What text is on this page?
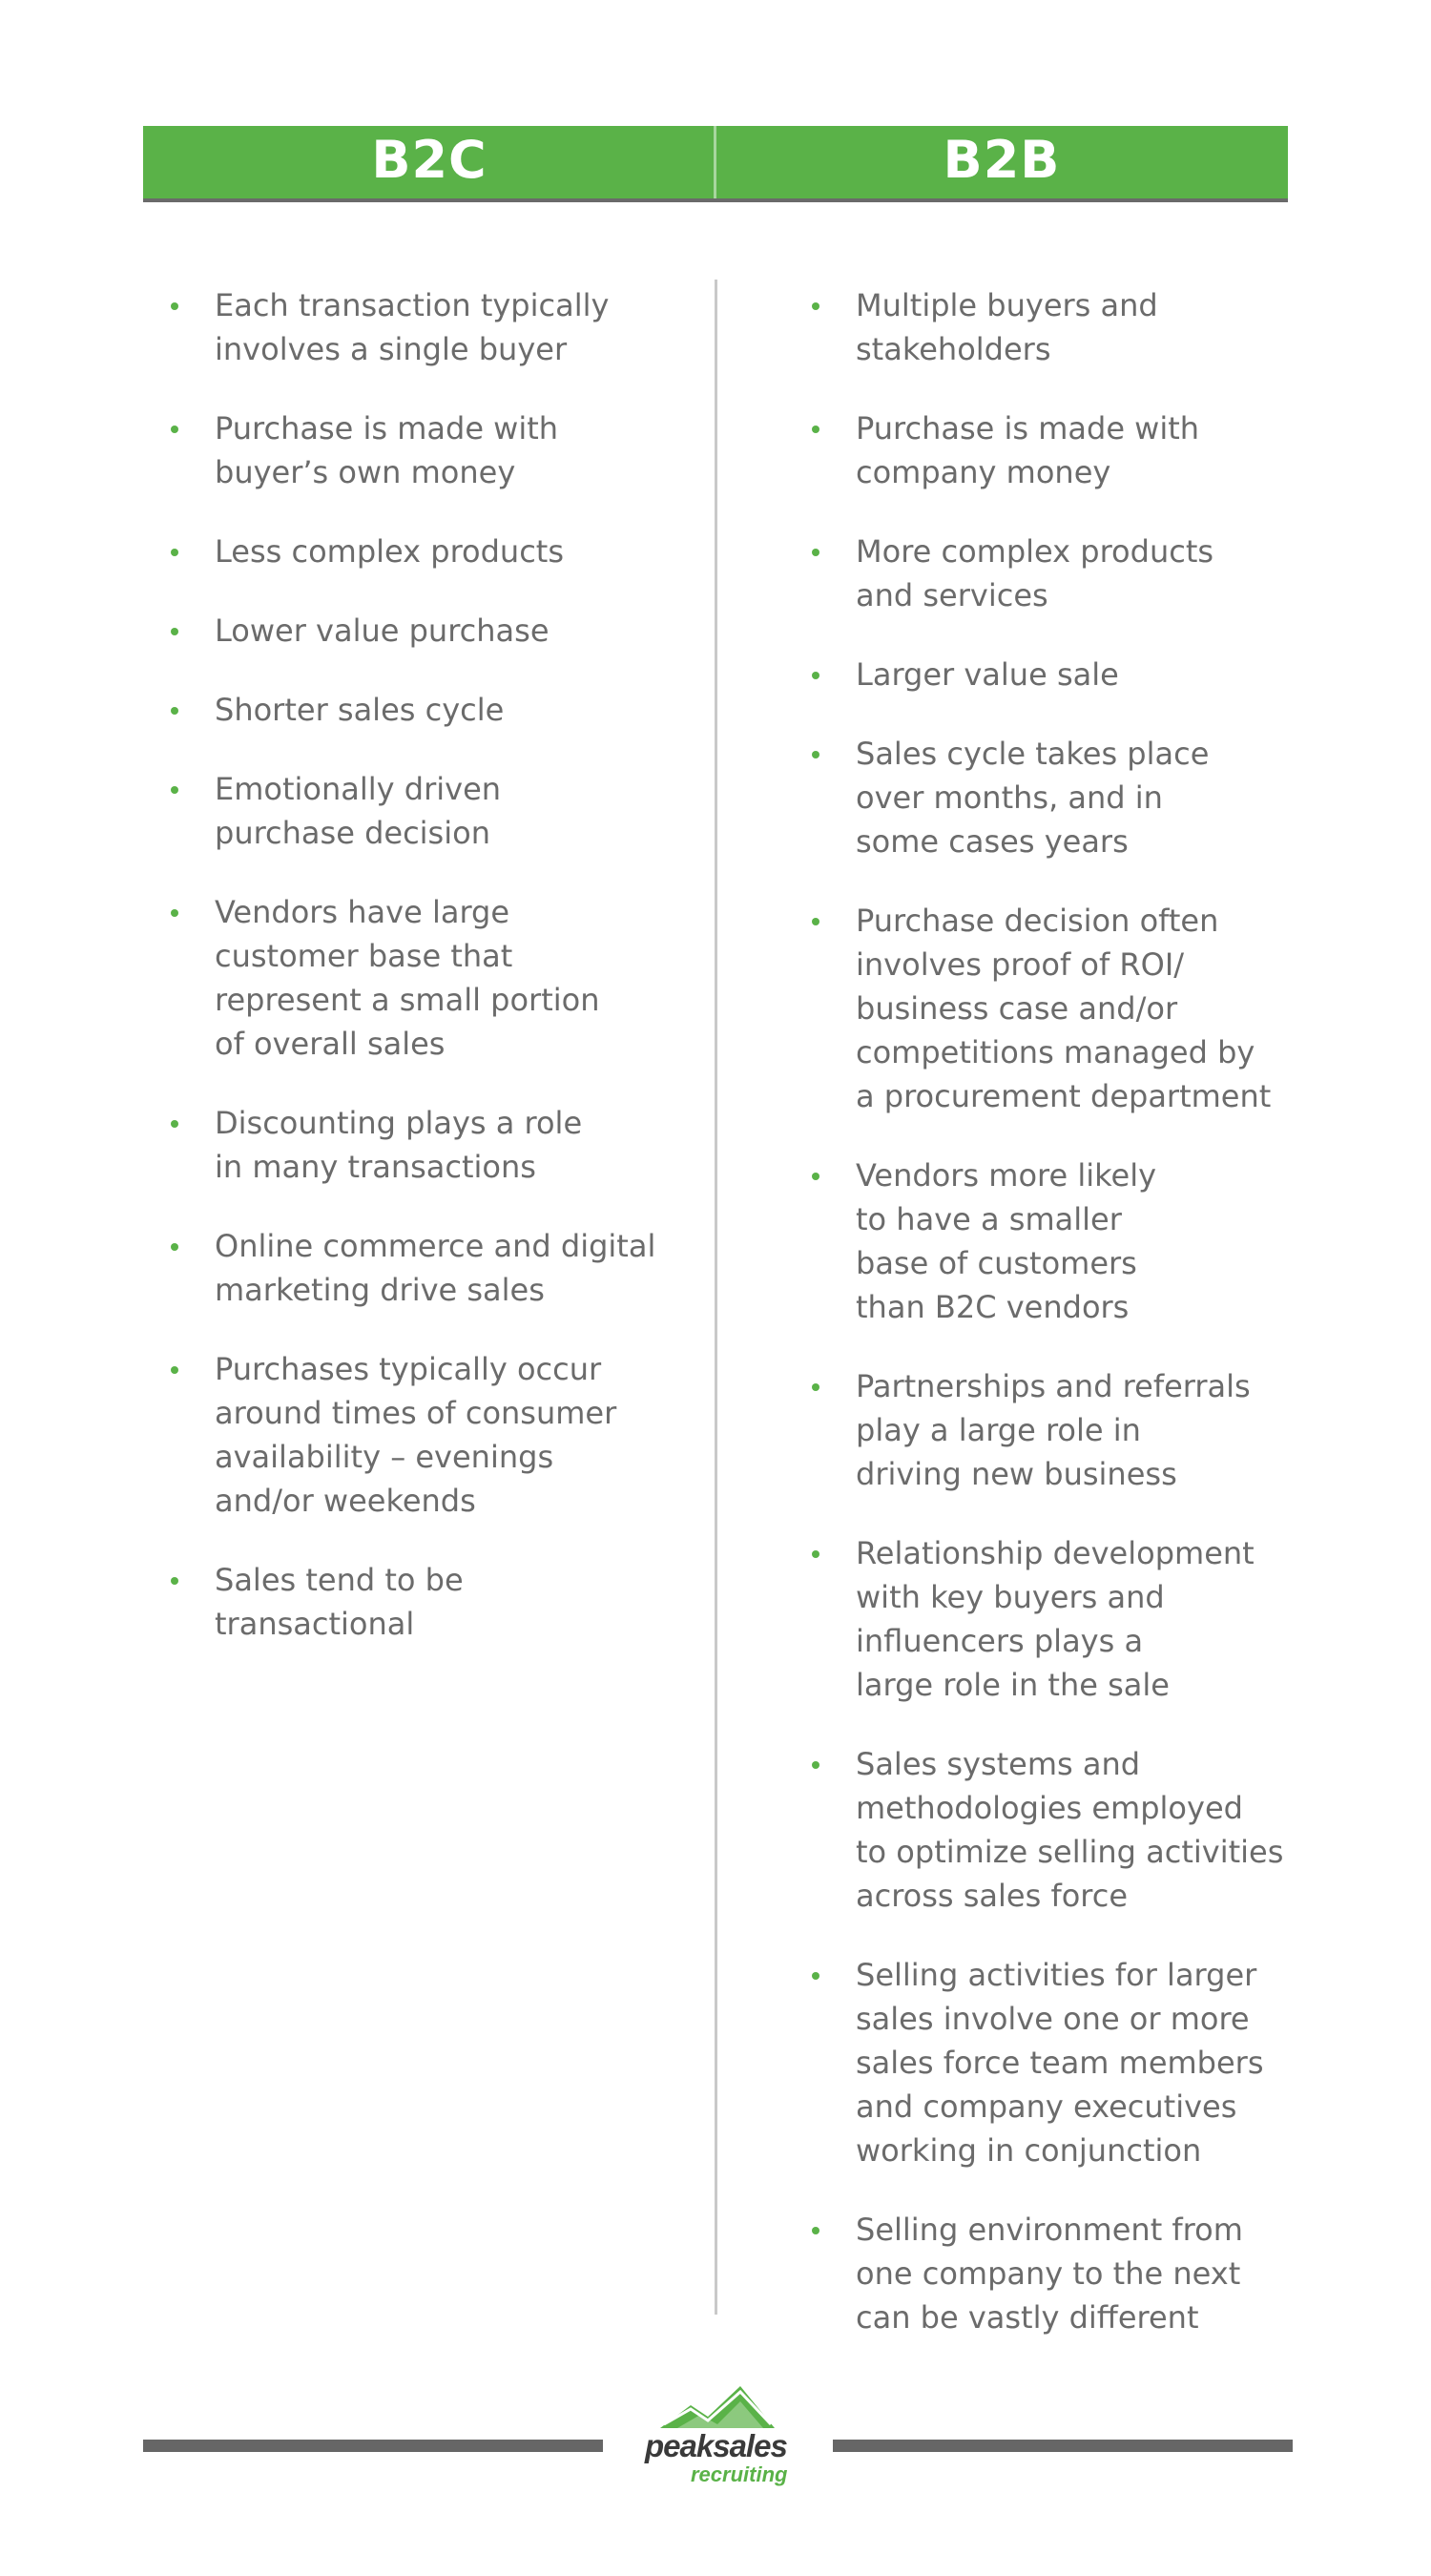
B2C	B2B
Each transaction typically
involves a single buyer
Purchase is made with
buyer’s own money
Less complex products
Lower value purchase
Shorter sales cycle
Emotionally driven
purchase decision
Vendors have large
customer base that
represent a small portion
of overall sales
Discounting plays a role
in many transactions
Online commerce and digital
marketing drive sales
Purchases typically occur
around times of consumer
availability – evenings
and/or weekends
Sales tend to be
transactional
Multiple buyers and
stakeholders
Purchase is made with
company money
More complex products
and services
Larger value sale
Sales cycle takes place
over months, and in
some cases years
Purchase decision often
involves proof of ROI/
business case and/or
competitions managed by
a procurement department
Vendors more likely
to have a smaller
base of customers
than B2C vendors
Partnerships and referrals
play a large role in
driving new business
Relationship development
with key buyers and
influencers plays a
large role in the sale
Sales systems and
methodologies employed
to optimize selling activities
across sales force
Selling activities for larger
sales involve one or more
sales force team members
and company executives
working in conjunction
Selling environment from
one company to the next
can be vastly different
peaksales
recruiting
